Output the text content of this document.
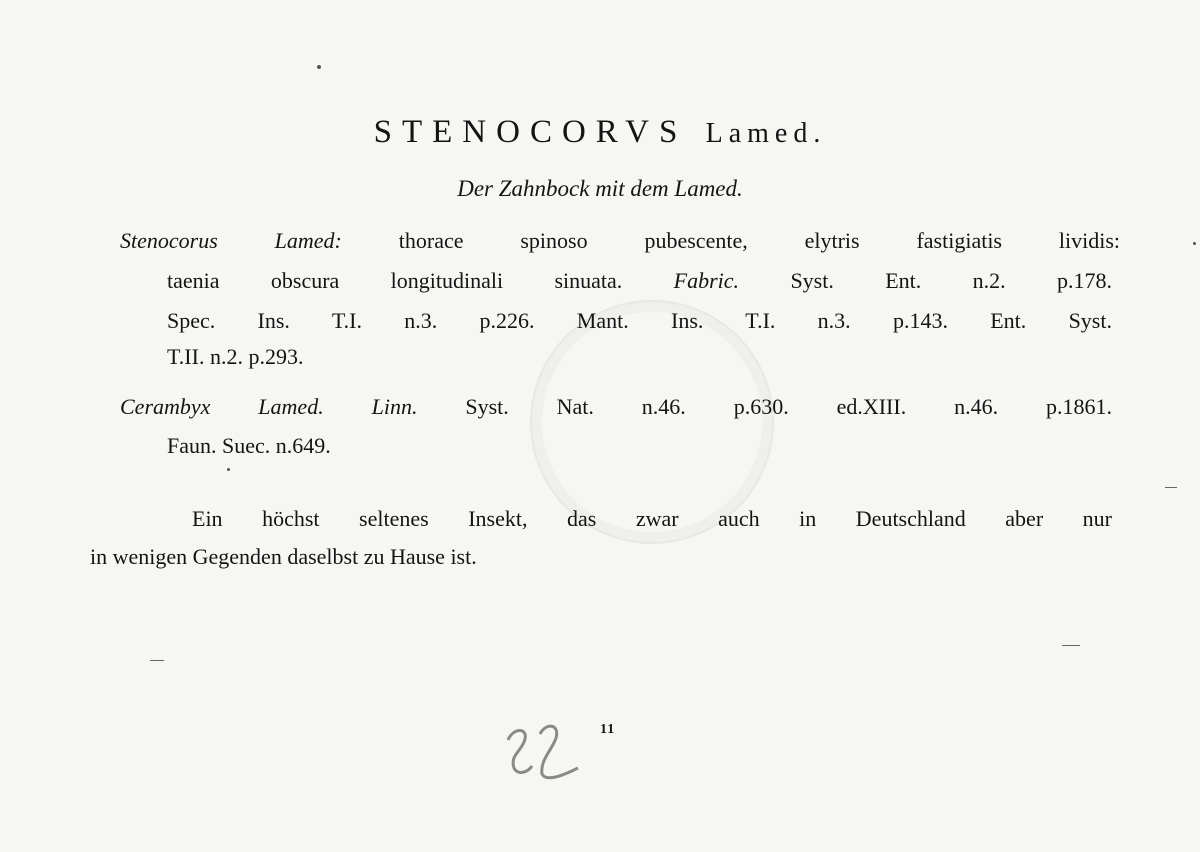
STENOCORVS Lamed.
Der Zahnbock mit dem Lamed.
Stenocorus Lamed:	thorace spinoso pubescente, elytris fastigiatis lividis:
taenia obscura longitudinali sinuata. Fabric. Syst. Ent. n.2. p.178.
Spec. Ins. T.I. n.3. p.226. Mant. Ins. T.I. n.3. p.143. Ent. Syst.
T.II. n.2. p.293.
Cerambyx Lamed. Linn. Syst. Nat. n.46. p.630. ed.XIII. n.46. p.1861.
Faun. Suec. n.649.
Ein höchst seltenes Insekt, das zwar auch in Deutschland aber nur
in wenigen Gegenden daselbst zu Hause ist.
11
